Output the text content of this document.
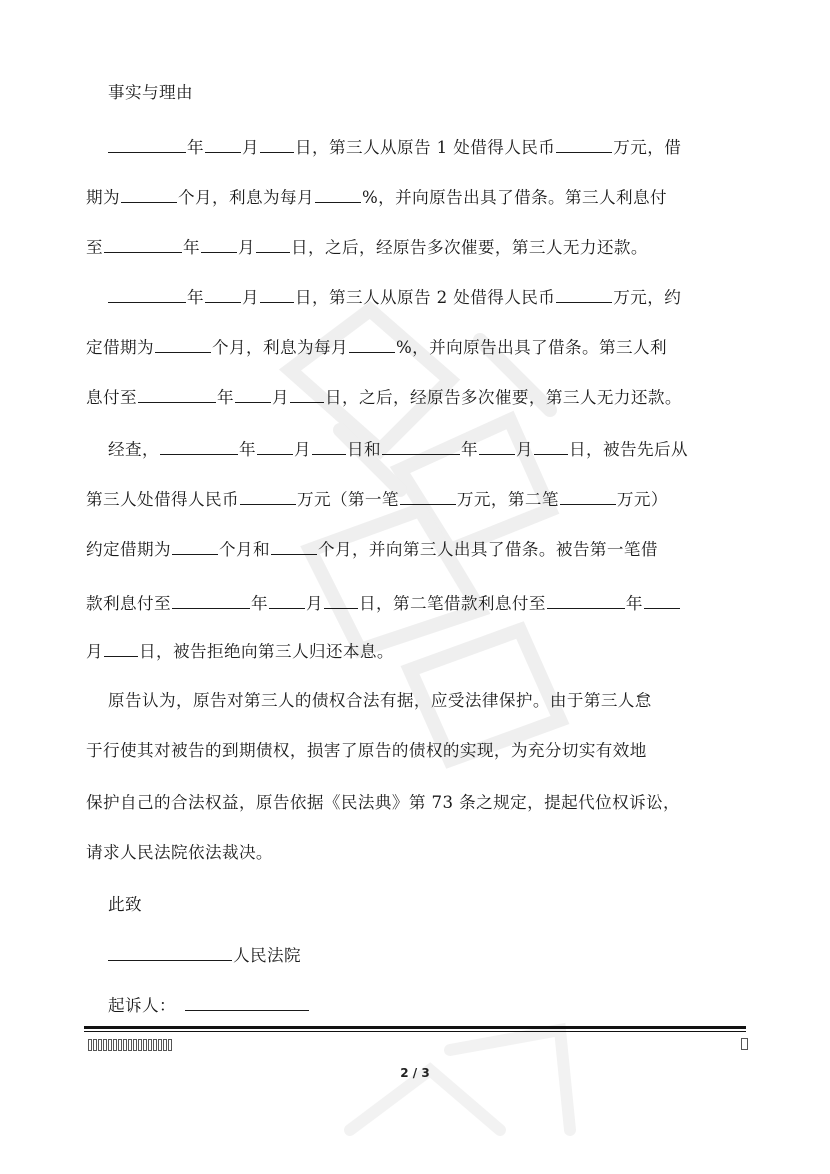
事实与理由
年 月 日，第三人从原告 1 处借得人民币	万元，借
期为	个月，利息为每月	%，并向原告出具了借条。第三人利息付
至	年 月 日，之后，经原告多次催要，第三人无力还款。
年 月 日，第三人从原告 2 处借得人民币	万元，约
定借期为	个月，利息为每月	%，并向原告出具了借条。第三人利
息付至	年 月 日，之后，经原告多次催要，第三人无力还款。
经查，	年 月 日和	年 月 日，被告先后从
第三人处借得人民币	万元（第一笔	万元，第二笔	万元）
约定借期为	个月和	个月，并向第三人出具了借条。被告第一笔借
款利息付至	年 月 日，第二笔借款利息付至	年
月 日，被告拒绝向第三人归还本息。
原告认为，原告对第三人的债权合法有据，应受法律保护。由于第三人怠
于行使其对被告的到期债权，损害了原告的债权的实现，为充分切实有效地
保护自己的合法权益，原告依据《民法典》第 73 条之规定，提起代位权诉讼，
请求人民法院依法裁决。
此致
人民法院
起诉人：
2 / 3
